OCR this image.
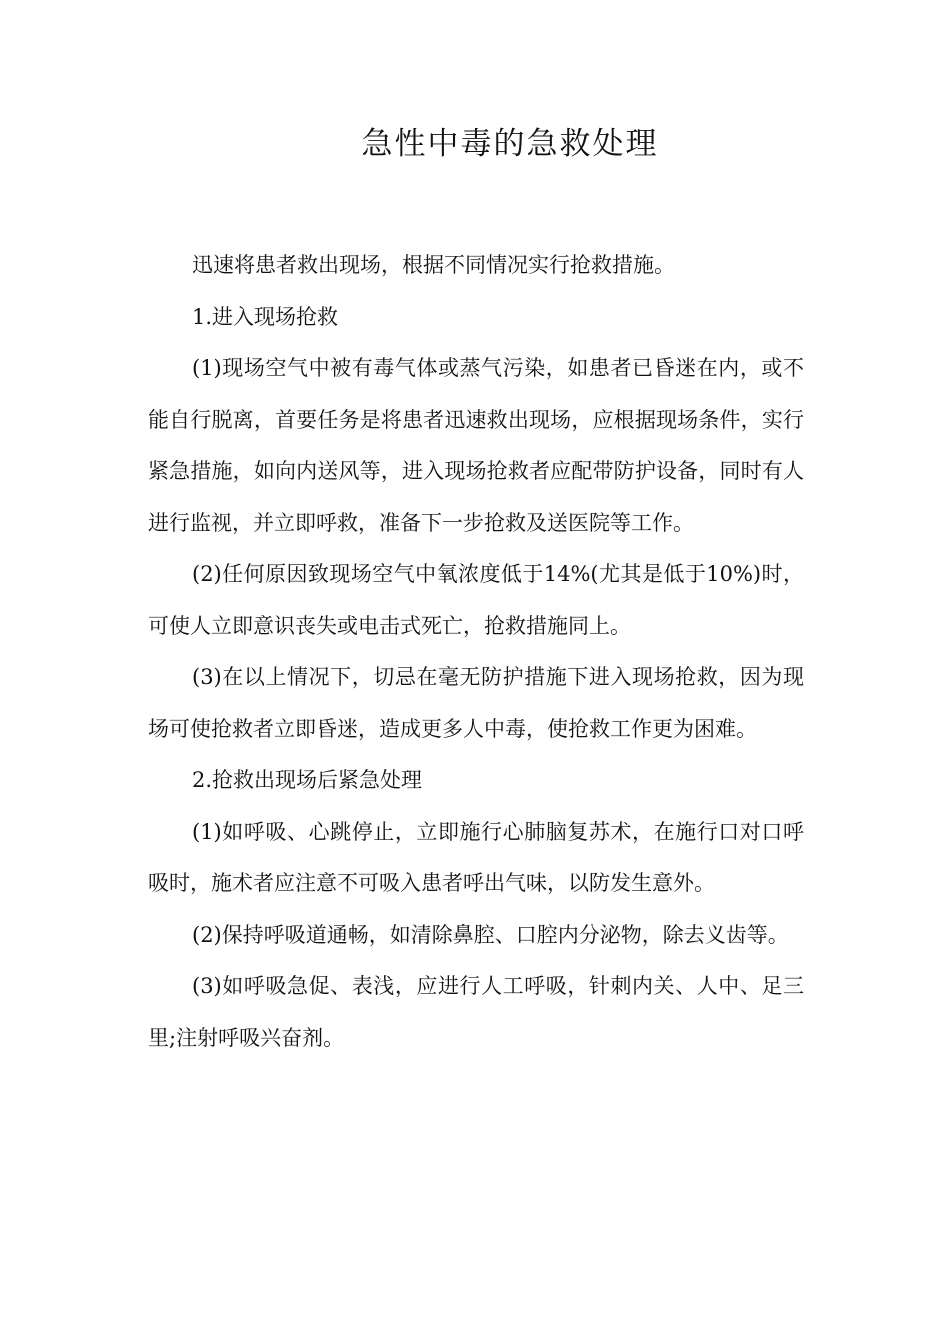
急性中毒的急救处理

迅速将患者救出现场，根据不同情况实行抢救措施。

1.进入现场抢救

(1)现场空气中被有毒气体或蒸气污染，如患者已昏迷在内，或不能自行脱离，首要任务是将患者迅速救出现场，应根据现场条件，实行紧急措施，如向内送风等，进入现场抢救者应配带防护设备，同时有人进行监视，并立即呼救，准备下一步抢救及送医院等工作。

(2)任何原因致现场空气中氧浓度低于14%(尤其是低于10%)时，可使人立即意识丧失或电击式死亡，抢救措施同上。

(3)在以上情况下，切忌在毫无防护措施下进入现场抢救，因为现场可使抢救者立即昏迷，造成更多人中毒，使抢救工作更为困难。

2.抢救出现场后紧急处理

(1)如呼吸、心跳停止，立即施行心肺脑复苏术，在施行口对口呼吸时，施术者应注意不可吸入患者呼出气味，以防发生意外。

(2)保持呼吸道通畅，如清除鼻腔、口腔内分泌物，除去义齿等。

(3)如呼吸急促、表浅，应进行人工呼吸，针刺内关、人中、足三里;注射呼吸兴奋剂。
